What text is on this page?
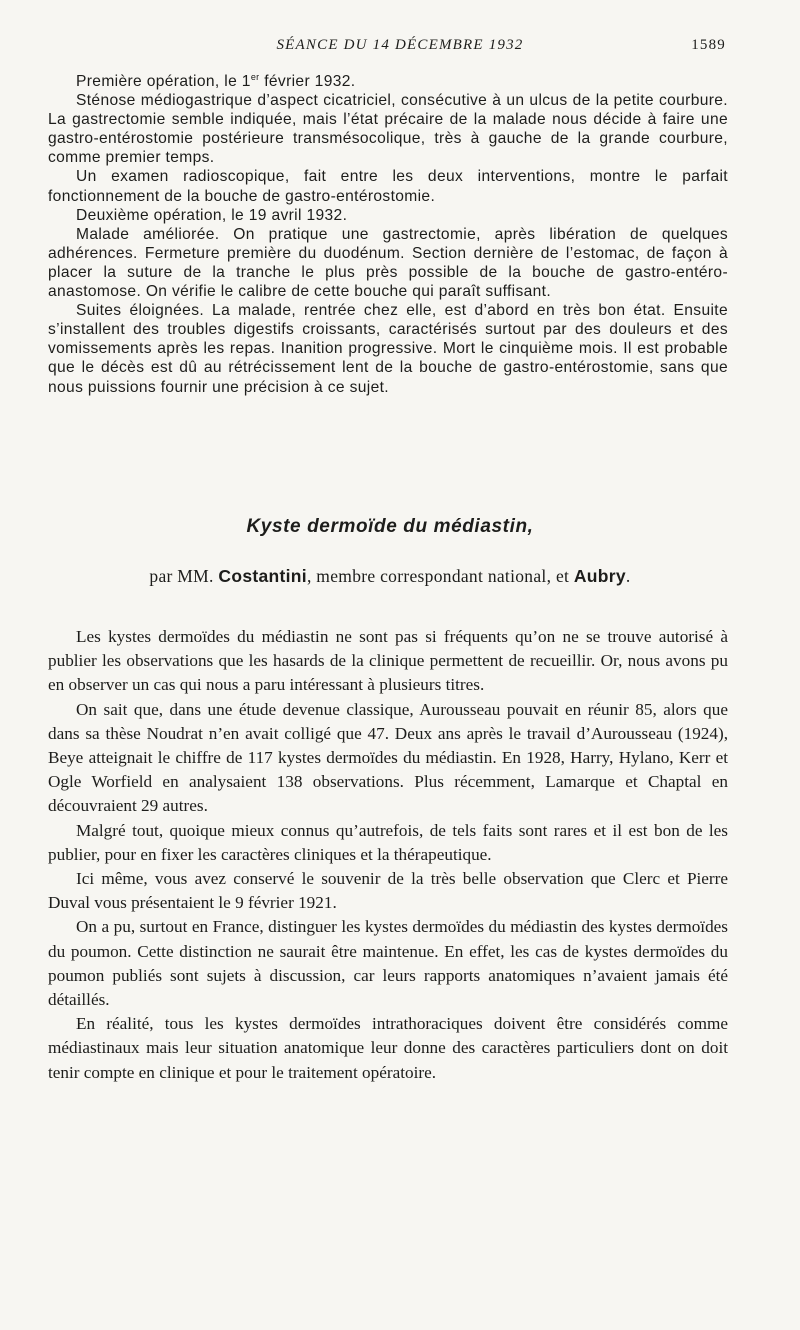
SÉANCE DU 14 DÉCEMBRE 1932	1589

Première opération, le 1er février 1932.

Sténose médiogastrique d’aspect cicatriciel, consécutive à un ulcus de la petite courbure. La gastrectomie semble indiquée, mais l’état précaire de la malade nous décide à faire une gastro-entérostomie postérieure transmésocolique, très à gauche de la grande courbure, comme premier temps.

Un examen radioscopique, fait entre les deux interventions, montre le parfait fonctionnement de la bouche de gastro-entérostomie.

Deuxième opération, le 19 avril 1932.

Malade améliorée. On pratique une gastrectomie, après libération de quelques adhérences. Fermeture première du duodénum. Section dernière de l’estomac, de façon à placer la suture de la tranche le plus près possible de la bouche de gastro-entéro-anastomose. On vérifie le calibre de cette bouche qui paraît suffisant.

Suites éloignées. La malade, rentrée chez elle, est d’abord en très bon état. Ensuite s’installent des troubles digestifs croissants, caractérisés surtout par des douleurs et des vomissements après les repas. Inanition progressive. Mort le cinquième mois. Il est probable que le décès est dû au rétrécissement lent de la bouche de gastro-entérostomie, sans que nous puissions fournir une précision à ce sujet.

Kyste dermoïde du médiastin,
par MM. Costantini, membre correspondant national, et Aubry.

Les kystes dermoïdes du médiastin ne sont pas si fréquents qu’on ne se trouve autorisé à publier les observations que les hasards de la clinique permettent de recueillir. Or, nous avons pu en observer un cas qui nous a paru intéressant à plusieurs titres.

On sait que, dans une étude devenue classique, Aurousseau pouvait en réunir 85, alors que dans sa thèse Noudrat n’en avait colligé que 47. Deux ans après le travail d’Aurousseau (1924), Beye atteignait le chiffre de 117 kystes dermoïdes du médiastin. En 1928, Harry, Hylano, Kerr et Ogle Worfield en analysaient 138 observations. Plus récemment, Lamarque et Chaptal en découvraient 29 autres.

Malgré tout, quoique mieux connus qu’autrefois, de tels faits sont rares et il est bon de les publier, pour en fixer les caractères cliniques et la thérapeutique.

Ici même, vous avez conservé le souvenir de la très belle observation que Clerc et Pierre Duval vous présentaient le 9 février 1921.

On a pu, surtout en France, distinguer les kystes dermoïdes du médiastin des kystes dermoïdes du poumon. Cette distinction ne saurait être maintenue. En effet, les cas de kystes dermoïdes du poumon publiés sont sujets à discussion, car leurs rapports anatomiques n’avaient jamais été détaillés.

En réalité, tous les kystes dermoïdes intrathoraciques doivent être considérés comme médiastinaux mais leur situation anatomique leur donne des caractères particuliers dont on doit tenir compte en clinique et pour le traitement opératoire.
